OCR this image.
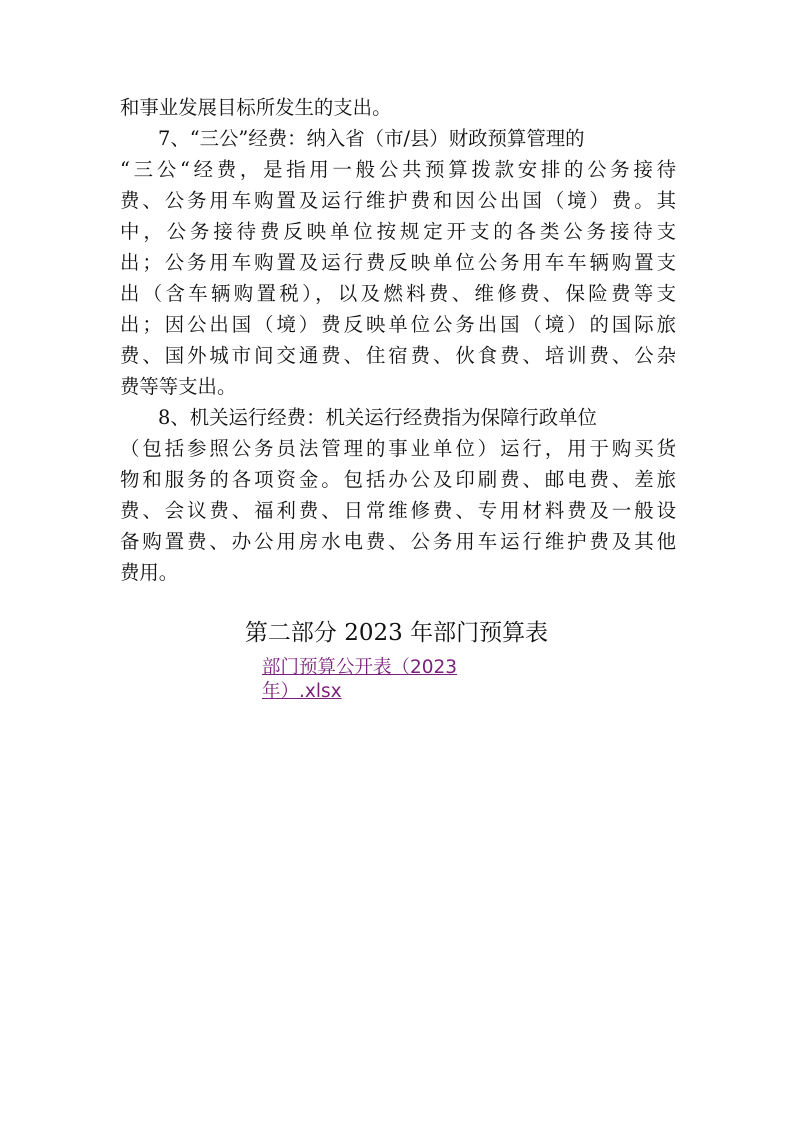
和事业发展目标所发生的支出。
7、“三公”经费：纳入省（市/县）财政预算管理的
“三公“经费，是指用一般公共预算拨款安排的公务接待
费、公务用车购置及运行维护费和因公出国（境）费。其
中，公务接待费反映单位按规定开支的各类公务接待支
出；公务用车购置及运行费反映单位公务用车车辆购置支
出（含车辆购置税），以及燃料费、维修费、保险费等支
出；因公出国（境）费反映单位公务出国（境）的国际旅
费、国外城市间交通费、住宿费、伙食费、培训费、公杂
费等等支出。
8、机关运行经费：机关运行经费指为保障行政单位
（包括参照公务员法管理的事业单位）运行，用于购买货
物和服务的各项资金。包括办公及印刷费、邮电费、差旅
费、会议费、福利费、日常维修费、专用材料费及一般设
备购置费、办公用房水电费、公务用车运行维护费及其他
费用。
第二部分 2023 年部门预算表
部门预算公开表（2023
年）.xlsx
